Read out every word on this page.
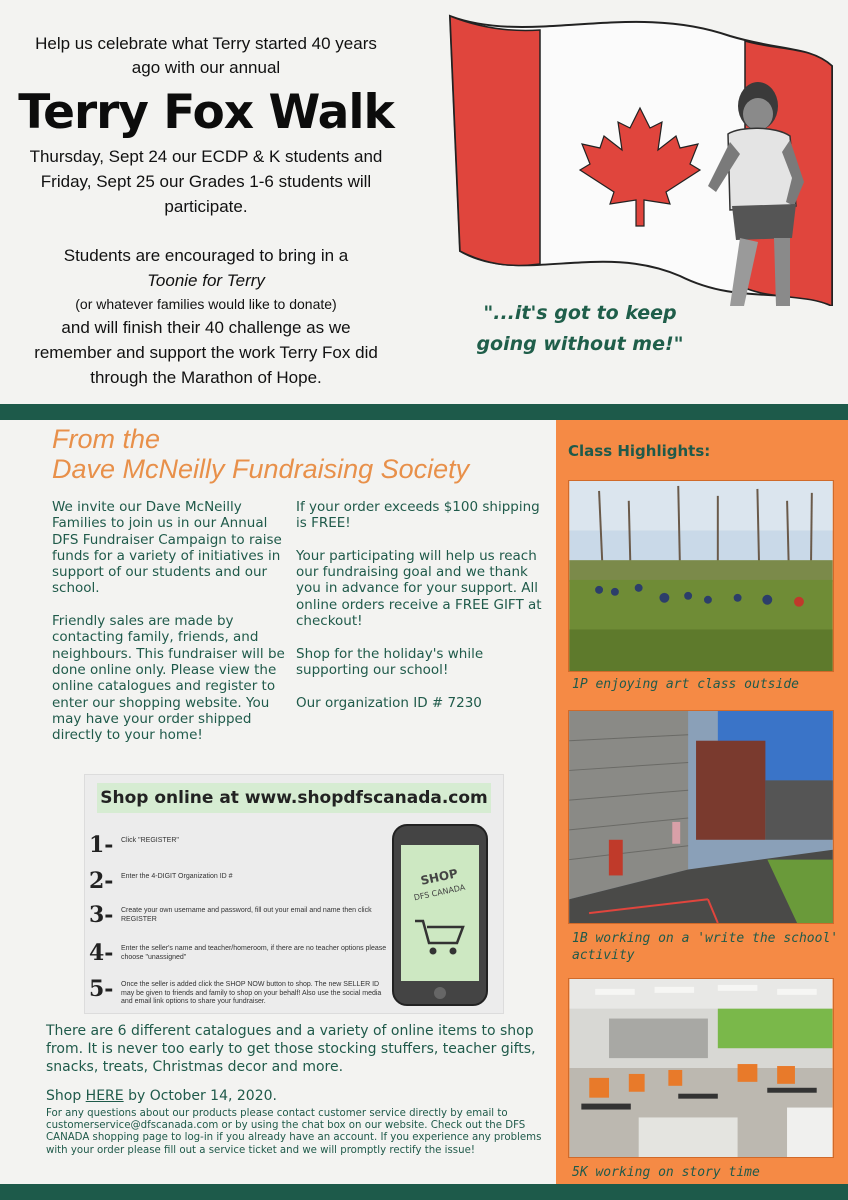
Help us celebrate what Terry started 40 years
ago with our annual
Terry Fox Walk
Thursday, Sept 24 our ECDP & K students and
Friday, Sept 25 our Grades 1-6 students will
participate.
Students are encouraged to bring in a
Toonie for Terry
(or whatever families would like to donate)
and will finish their 40 challenge as we
remember and support the work Terry Fox did
through the Marathon of Hope.
"...it's got to keep
going without me!"
From the
Dave McNeilly Fundraising Society

We invite our Dave McNeilly Families to join us in our Annual DFS Fundraiser Campaign to raise funds for a variety of initiatives in support of our students and our school.

Friendly sales are made by contacting family, friends, and neighbours. This fundraiser will be done online only. Please view the online catalogues and register to enter our shopping website. You may have your order shipped directly to your home!

If your order exceeds $100 shipping is FREE!

Your participating will help us reach our fundraising goal and we thank you in advance for your support. All online orders receive a FREE GIFT at checkout!

Shop for the holiday's while supporting our school!

Our organization ID # 7230

Shop online at www.shopdfscanada.com
1-	Click "REGISTER"
2-	Enter the 4-DIGIT Organization ID #
3-	Create your own username and password, fill out your email and name then click REGISTER
4-	Enter the seller's name and teacher/homeroom, if there are no teacher options please choose "unassigned"
5-	Once the seller is added click the SHOP NOW button to shop. The new SELLER ID may be given to friends and family to shop on your behalf! Also use the social media and email link options to share your fundraiser.
SHOP
DFS CANADA
There are 6 different catalogues and a variety of online items to shop from. It is never too early to get those stocking stuffers, teacher gifts, snacks, treats, Christmas decor and more.
Shop HERE by October 14, 2020.
For any questions about our products please contact customer service directly by email to customerservice@dfscanada.com or by using the chat box on our website. Check out the DFS CANADA shopping page to log-in if you already have an account. If you experience any problems with your order please fill out a service ticket and we will promptly rectify the issue!
Class Highlights:
1P enjoying art class outside
1B working on a 'write the school' activity
5K working on story time
